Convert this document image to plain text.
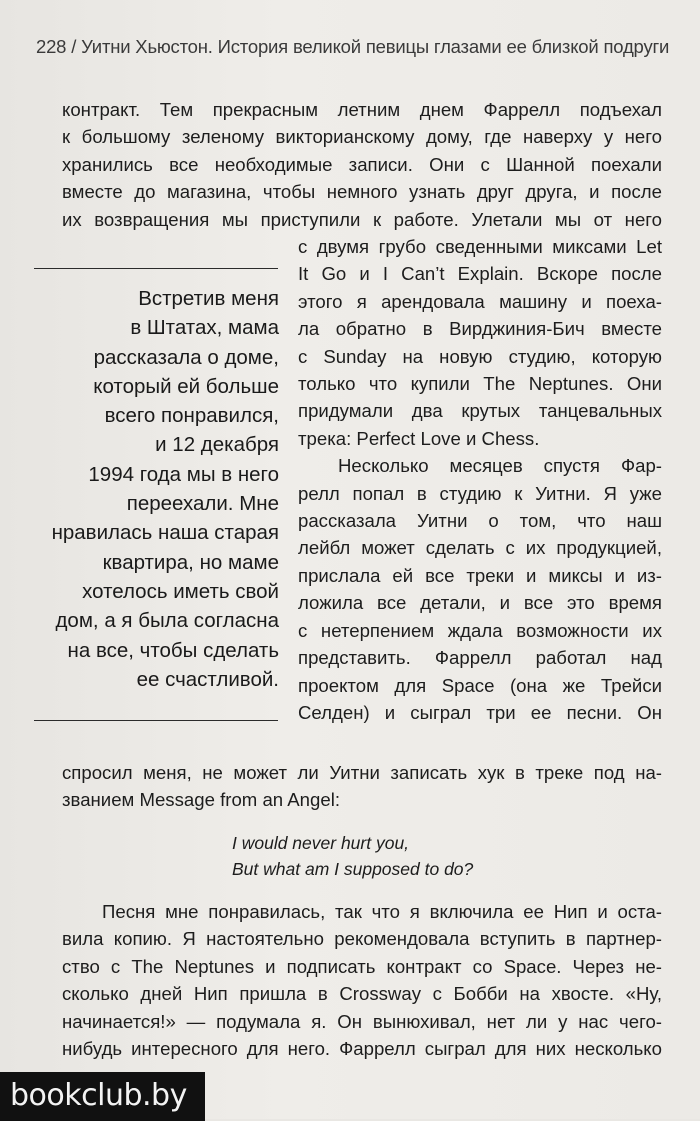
228 / Уитни Хьюстон. История великой певицы глазами ее близкой подруги
контракт. Тем прекрасным летним днем Фаррелл подъехал
к большому зеленому викторианскому дому, где наверху у него
хранились все необходимые записи. Они с Шанной поехали
вместе до магазина, чтобы немного узнать друг друга, и после
их возвращения мы приступили к работе. Улетали мы от него
Встретив меня
в Штатах, мама
рассказала о доме,
который ей больше
всего понравился,
и 12 декабря
1994 года мы в него
переехали. Мне
нравилась наша старая
квартира, но маме
хотелось иметь свой
дом, а я была согласна
на все, чтобы сделать
ее счастливой.
с двумя грубо сведенными миксами Let
It Go и I Can’t Explain. Вскоре после
этого я арендовала машину и поеха-
ла обратно в Вирджиния-Бич вместе
с Sunday на новую студию, которую
только что купили The Neptunes. Они
придумали два крутых танцевальных
трека: Perfect Love и Chess.
Несколько месяцев спустя Фар-
релл попал в студию к Уитни. Я уже
рассказала Уитни о том, что наш
лейбл может сделать с их продукцией,
прислала ей все треки и миксы и из-
ложила все детали, и все это время
с нетерпением ждала возможности их
представить. Фаррелл работал над
проектом для Space (она же Трейси
Селден) и сыграл три ее песни. Он
спросил меня, не может ли Уитни записать хук в треке под на-
званием Message from an Angel:
I would never hurt you,
But what am I supposed to do?
Песня мне понравилась, так что я включила ее Нип и оста-
вила копию. Я настоятельно рекомендовала вступить в партнер-
ство с The Neptunes и подписать контракт со Space. Через не-
сколько дней Нип пришла в Crossway с Бобби на хвосте. «Ну,
начинается!» — подумала я. Он вынюхивал, нет ли у нас чего-
нибудь интересного для него. Фаррелл сыграл для них несколько
bookclub.by
